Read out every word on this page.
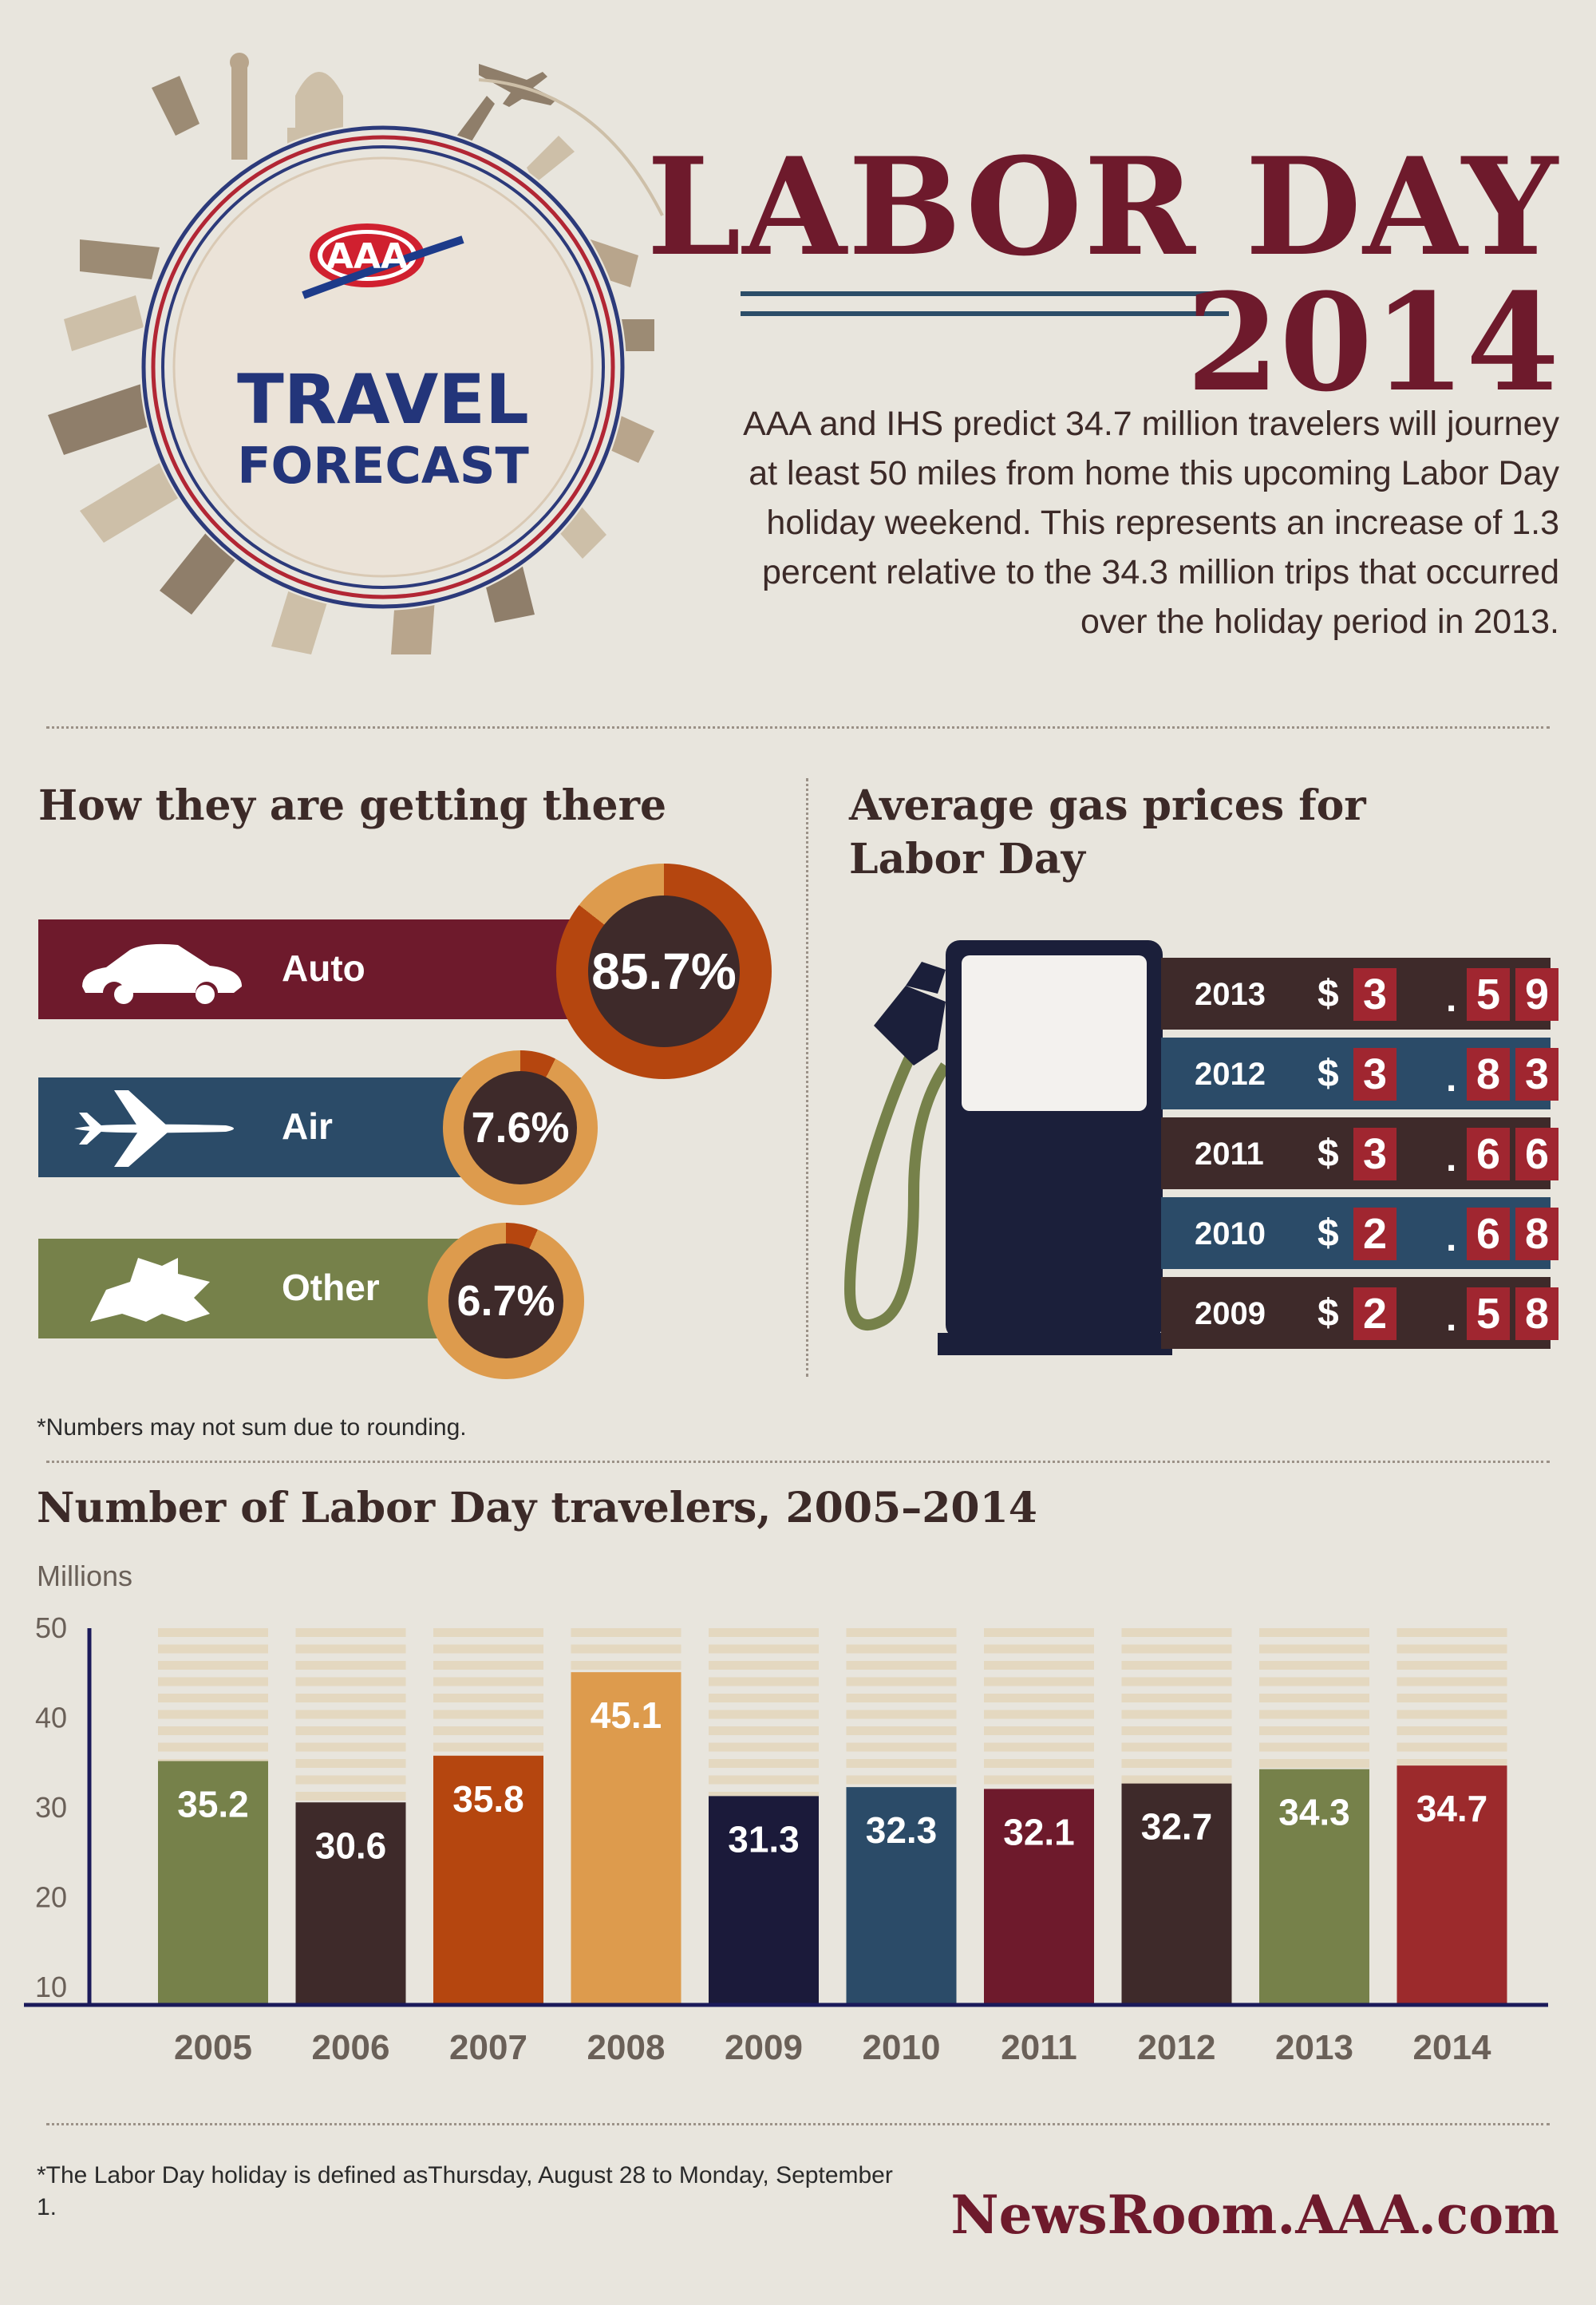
AAA
TRAVEL
FORECAST
LABOR DAY
2014
AAA and IHS predict 34.7 million travelers will journey at least 50 miles from home this upcoming Labor Day holiday weekend. This represents an increase of 1.3 percent relative to the 34.3 million trips that occurred over the holiday period in 2013.
How they are getting there
Auto	85.7%
Air	7.6%
Other 6.7%
*Numbers may not sum due to rounding.
Average gas prices for
Labor Day
2013 $ 3 . 5 9
2012 $ 3 . 8 3
2011 $ 3 . 6 6
2010 $ 2 . 6 8
2009 $ 2 . 5 8
Number of Labor Day travelers, 2005–2014
Millions
50
40
30
20
10
35.2
2005
30.6
2006
35.8
2007
45.1
2008
31.3
2009
32.3
2010
32.1
2011
32.7
2012
34.3
2013
34.7
2014
*The Labor Day holiday is defined asThursday, August 28 to Monday, September 1.	NewsRoom.AAA.com
